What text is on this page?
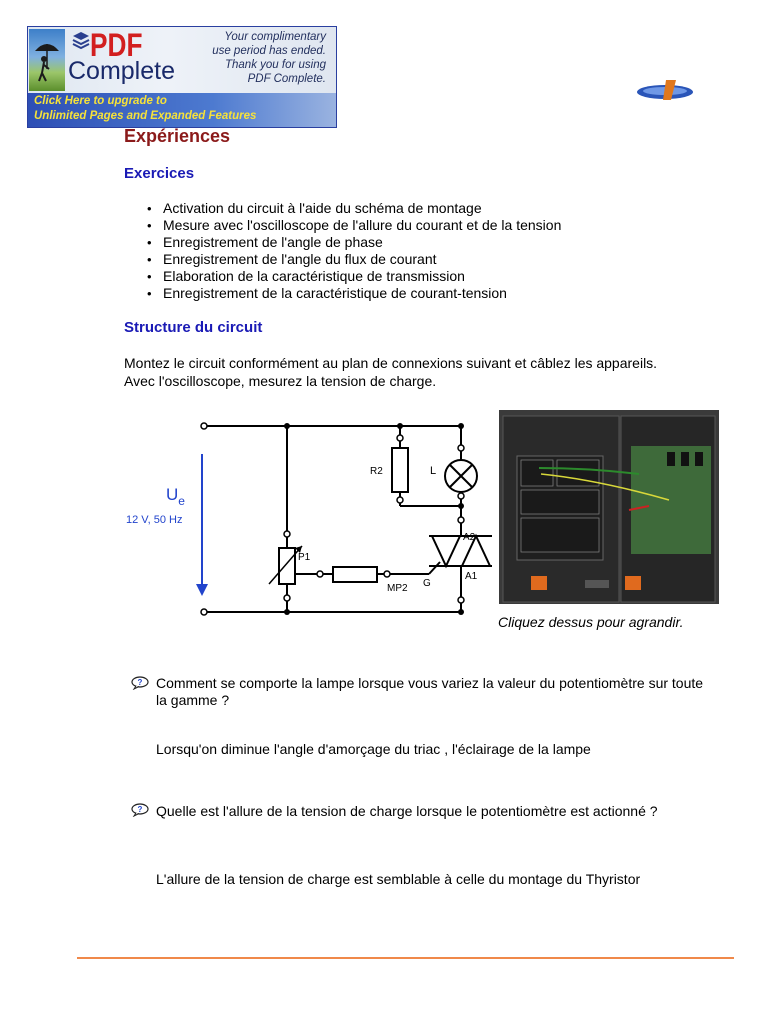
PDF
Complete
Your complimentary
use period has ended.
Thank you for using
PDF Complete.
Click Here to upgrade to
Unlimited Pages and Expanded Features
Expériences
Exercices
• Activation du circuit à l'aide du schéma de montage
• Mesure avec l'oscilloscope de l'allure du courant et de la tension
• Enregistrement de l'angle de phase
• Enregistrement de l'angle du flux de courant
• Elaboration de la caractéristique de transmission
• Enregistrement de la caractéristique de courant-tension
Structure du circuit

Montez le circuit conformément au plan de connexions suivant et câblez les appareils. Avec l'oscilloscope, mesurez la tension de charge.

$U_e$
12 V, 50 Hz
R2	L
P1
A2
A1
G
MP2
Cliquez dessus pour agrandir.
? Comment se comporte la lampe lorsque vous variez la valeur du potentiomètre sur toute la gamme ?

Lorsqu'on diminue l'angle d'amorçage du triac , l'éclairage de la lampe

? Quelle est l'allure de la tension de charge lorsque le potentiomètre est actionné ?

L'allure de la tension de charge est semblable à celle du montage du Thyristor
